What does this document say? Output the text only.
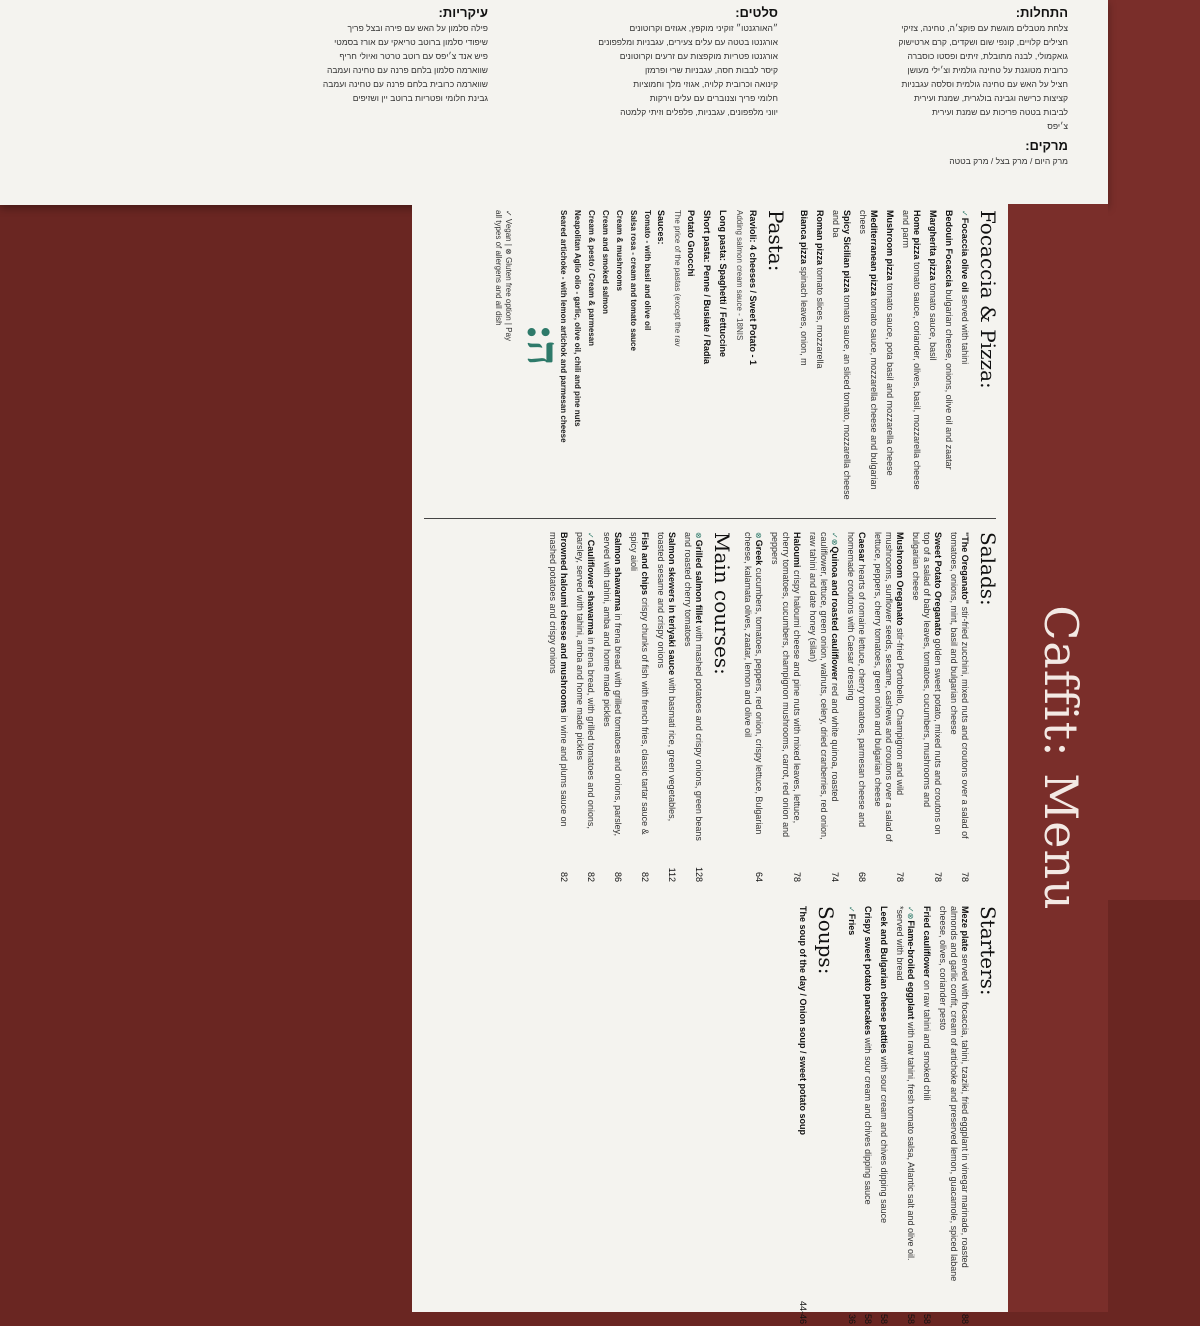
התחלות:
צלחת מטבלים מוגשת עם פוקצ׳ה, טחינה, צזיקי
חצילים קלויים, קונפי שום ושקדים, קרם ארטישוק
גואקמולי, לבנה מתובלת, זיתים ופסטו כוסברה
כרובית מטוגנת על טחינה גולמית וצ׳ילי מעושן
חציל על האש עם טחינה גולמית וסלסה עגבניות
קציצות כרישה וגבינה בולגרית, שמנת ועירית
לביבות בטטה פריכות עם שמנת ועירית
צ׳יפס
מרקים:
מרק היום / מרק בצל / מרק בטטה
סלטים:
״האורגנטו״ זוקיני מוקפץ, אגוזים וקרוטונים
אורגנטו בטטה עם עלים צעירים, עגבניות ומלפפונים
אורגנטו פטריות מוקפצות עם זרעים וקרוטונים
קיסר לבבות חסה, עגבניות שרי ופרמזן
קינואה וכרובית קלויה, אגוזי מלך וחמוציות
חלומי פריך וצנוברים עם עלים וירקות
יווני מלפפונים, עגבניות, פלפלים וזיתי קלמטה
עיקריות:
פילה סלמון על האש עם פירה ובצל פריך
שיפודי סלמון ברוטב טריאקי עם אורז בסמטי
פיש אנד צ׳יפס עם רוטב טרטר ואיולי חריף
שווארמה סלמון בלחם פרנה עם טחינה ועמבה
שווארמה כרובית בלחם פרנה עם טחינה ועמבה
גבינת חלומי ופטריות ברוטב יין ושזיפים
Caffit: Menu
Focaccia & Pizza:
✓Focaccia olive oil served with tahini
Bedouin Focaccia bulgarian cheese, onions, olive oil and zaatar
Margherita pizza tomato sauce, basil
Home pizza tomato sauce, coriander, olives, basil, mozzarella cheese and parm
Mushroom pizza tomato sauce, pota basil and mozzarella cheese
Mediterranean pizza tomato sauce, mozzarella cheese and bulgarian chees
Spicy Sicilian pizza tomato sauce, an sliced tomato, mozzarella cheese and ba
Roman pizza tomato slices, mozzarella
Bianca pizza spinach leaves, onion, m
Pasta:
Ravioli: 4 cheeses / Sweet Potato - 1
Adding salmon cream sauce - 18NIS
Long pasta: Spaghetti / Fettuccine
Short pasta: Penne / Busiate / Radia
Potato Gnocchi
The price of the pastas (except the rav
Sauces:
Tomato - with basil and olive oil
Salsa rosa - cream and tomato sauce
Cream & mushrooms
Cream and smoked salmon
Cream & pesto / Cream & parmesan
Neapolitan Aglio olio - garlic, olive oil, chili and pine nuts
Seared artichoke - with lemon artichok and parmesan cheese
Salads:
"The Oreganato" stir-fried zucchini, mixed nuts and croutons over a salad of tomatoes, onions, mint, basil and bulgarian cheese
78
Sweet Potato Oreganato golden sweet potato, mixed nuts and croutons on top of a salad of baby leaves, tomatoes, cucumbers, mushrooms and bulgarian cheese
78
Mushroom Oreganato stir-fried Portobello, Champignon and wild mushrooms, sunflower seeds, sesame, cashews and croutons over a salad of lettuce, peppers, cherry tomatoes, green onion and bulgarian cheese
78
Caesar hearts of romaine lettuce, cherry tomatoes, parmesan cheese and homemade croutons with Caesar dressing
68
✓⊗Quinoa and roasted cauliflower red and white quinoa, roasted cauliflower, lettuce, green onion, walnuts, celery, dried cranberries, red onion, raw tahini and date honey (silan)
74
Haloumi crispy haloumi cheese and pine nuts with mixed leaves, lettuce, cherry tomatoes, cucumbers, champignon mushrooms, carrot, red onion and peppers
78
⊗Greek cucumbers, tomatoes, peppers, red onion, crispy lettuce, Bulgarian cheese, kalamata olives, zaatar, lemon and olive oil
64
Main courses:
⊗Grilled salmon fillet with mashed potatoes and crispy onions, green beans and roasted cherry tomatoes
128
Salmon skewers in teriyaki sauce with basmati rice, green vegetables, toasted sesame and crispy onions
112
Fish and chips crispy chunks of fish with french fries, classic tartar sauce & spicy aioli
82
Salmon shawarma in frena bread with grilled tomatoes and onions, parsley, served with tahini, amba and home made pickles
86
✓Cauliflower shawarma in frena bread, with grilled tomatoes and onions, parsley, served with tahini, amba and home made pickles
82
Browned haloumi cheese and mushrooms in wine and plums sauce on mashed potatoes and crispy onions
82
Starters:
Meze plate served with focaccia, tahini, tzaziki, fried eggplant in vinegar marinade, roasted almonds and garlic confit, cream of artichoke and preserved lemon, guacamole, spiced labane cheese, olives, coriander pesto
88
Fried cauliflower on raw tahini and smoked chili
58
✓⊗Flame-broiled eggplant with raw tahini, fresh tomato salsa, Atlantic salt and olive oil. *served with bread
58
Leek and Bulgarian cheese patties with sour cream and chives dipping sauce
58
Crispy sweet potato pancakes with sour cream and chives dipping sauce
58
✓Fries
36
Soups:
The soup of the day / Onion soup / sweet potato soup
44-46
:ה
✓ Vegan | ⊗ Gluten free option | Pay
all types of allergens and all dish
